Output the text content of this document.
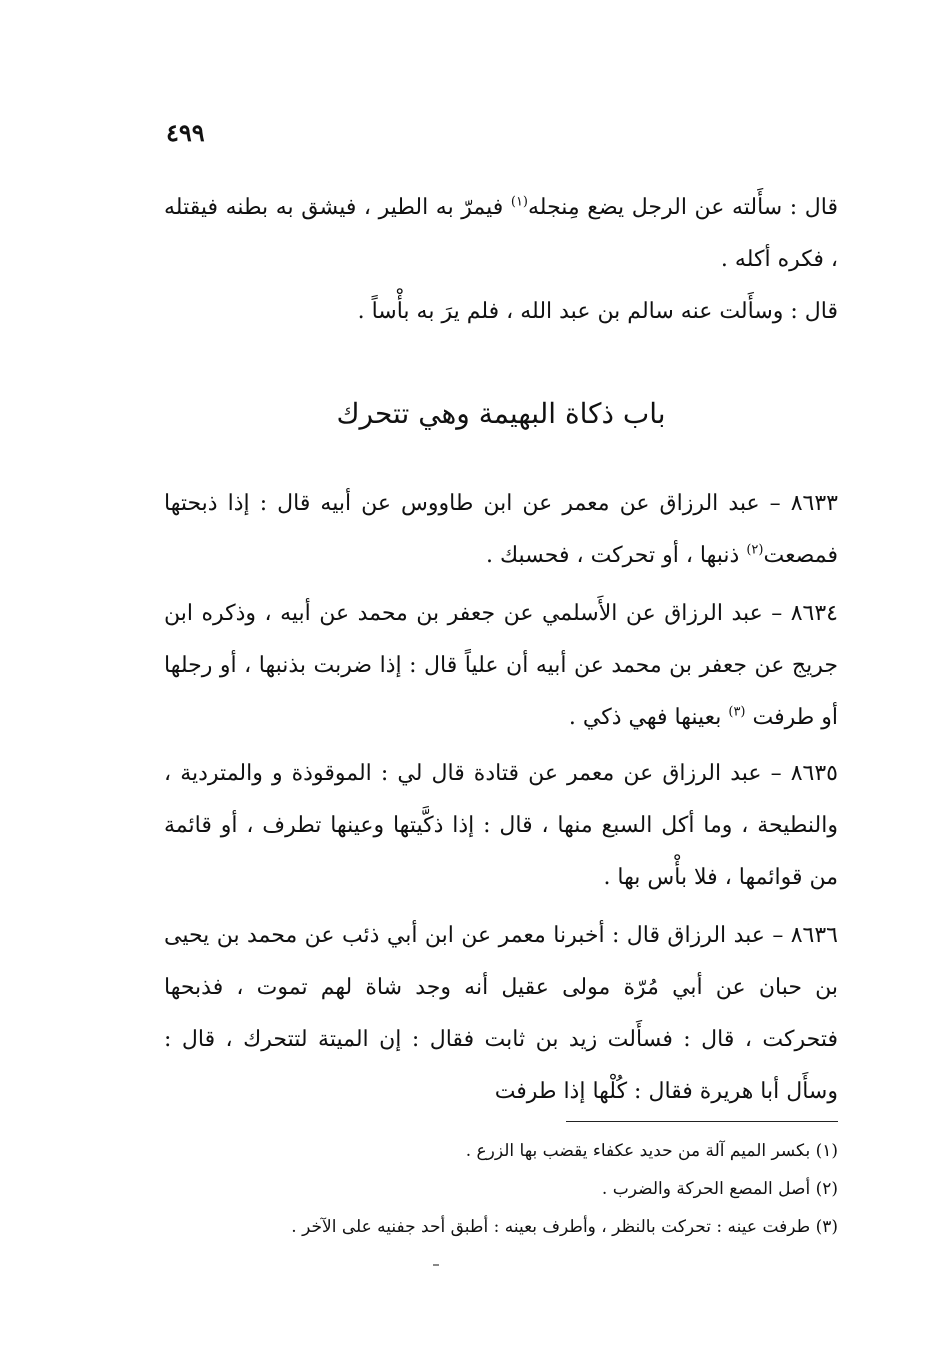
٤٩٩

قال : سأَلته عن الرجل يضع مِنجله$^{(١)}$ فيمرّ به الطير ، فيشق به بطنه فيقتله ، فكره أكله .

قال : وسأَلت عنه سالم بن عبد الله ، فلم يرَ به بأْساً .

باب ذكاة البهيمة وهي تتحرك

٨٦٣٣ – عبد الرزاق عن معمر عن ابن طاووس عن أبيه قال : إذا ذبحتها فمصعت$^{(٢)}$ ذنبها ، أو تحركت ، فحسبك .

٨٦٣٤ – عبد الرزاق عن الأَسلمي عن جعفر بن محمد عن أبيه ، وذكره ابن جريج عن جعفر بن محمد عن أبيه أن علياً قال : إذا ضربت بذنبها ، أو رجلها أو طرفت $^{(٣)}$ بعينها فهي ذكي .

٨٦٣٥ – عبد الرزاق عن معمر عن قتادة قال لي : الموقوذة و والمتردية ، والنطيحة ، وما أكل السبع منها ، قال : إذا ذكَّيتها وعينها تطرف ، أو قائمة من قوائمها ، فلا بأْس بها .

٨٦٣٦ – عبد الرزاق قال : أخبرنا معمر عن ابن أبي ذئب عن محمد بن يحيى بن حبان عن أبي مُرّة مولى عقيل أنه وجد شاة لهم تموت ، فذبحها فتحركت ، قال : فسأَلت زيد بن ثابت فقال : إن الميتة لتتحرك ، قال : وسأَل أبا هريرة فقال : كُلْها إذا طرفت

(١) بكسر الميم آلة من حديد عكفاء يقضب بها الزرع .

(٢) أصل المصع الحركة والضرب .

(٣) طرفت عينه : تحركت بالنظر ، وأطرف بعينه : أطبق أحد جفنيه على الآخر .
